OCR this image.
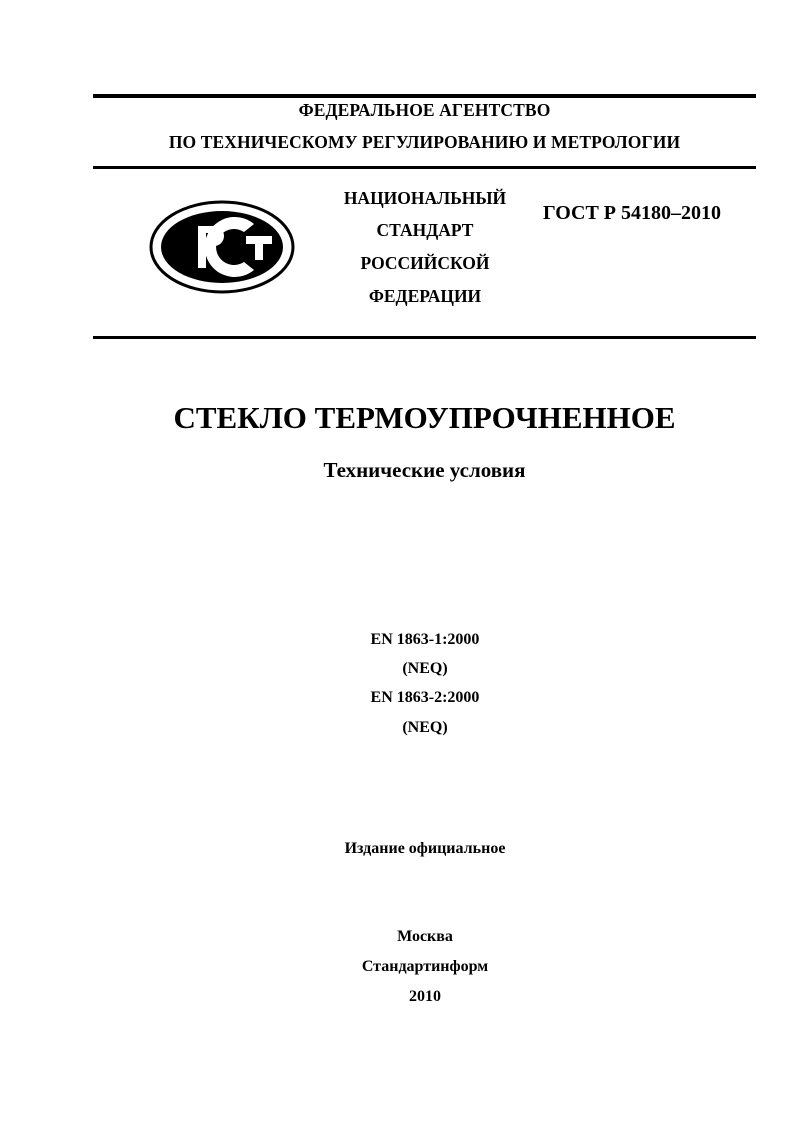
ФЕДЕРАЛЬНОЕ АГЕНТСТВО
ПО ТЕХНИЧЕСКОМУ РЕГУЛИРОВАНИЮ И МЕТРОЛОГИИ
НАЦИОНАЛЬНЫЙ
СТАНДАРТ
РОССИЙСКОЙ
ФЕДЕРАЦИИ
ГОСТ Р 54180–2010
СТЕКЛО ТЕРМОУПРОЧНЕННОЕ
Технические условия
EN 1863-1:2000
(NEQ)
EN 1863-2:2000
(NEQ)
Издание официальное
Москва
Стандартинформ
2010
